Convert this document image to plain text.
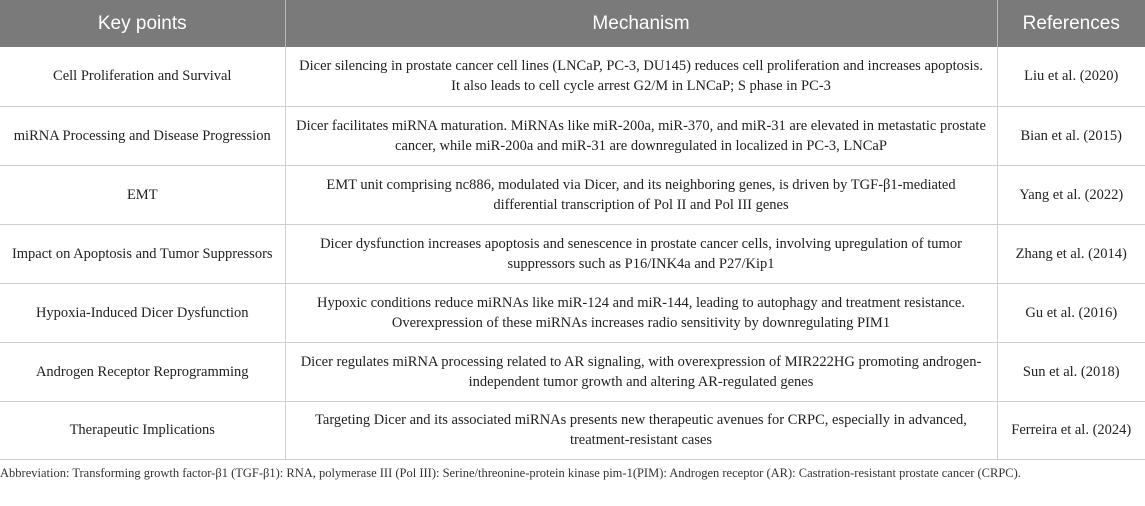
Key points	Mechanism	References
Cell Proliferation and Survival	Dicer silencing in prostate cancer cell lines (LNCaP, PC-3, DU145) reduces cell proliferation and increases apoptosis. It also leads to cell cycle arrest G2/M in LNCaP; S phase in PC-3	Liu et al. (2020)
miRNA Processing and Disease Progression	Dicer facilitates miRNA maturation. MiRNAs like miR-200a, miR-370, and miR-31 are elevated in metastatic prostate cancer, while miR-200a and miR-31 are downregulated in localized in PC-3, LNCaP	Bian et al. (2015)
EMT	EMT unit comprising nc886, modulated via Dicer, and its neighboring genes, is driven by TGF-β1-mediated differential transcription of Pol II and Pol III genes	Yang et al. (2022)
Impact on Apoptosis and Tumor Suppressors	Dicer dysfunction increases apoptosis and senescence in prostate cancer cells, involving upregulation of tumor suppressors such as P16/INK4a and P27/Kip1	Zhang et al. (2014)
Hypoxia-Induced Dicer Dysfunction	Hypoxic conditions reduce miRNAs like miR-124 and miR-144, leading to autophagy and treatment resistance. Overexpression of these miRNAs increases radio sensitivity by downregulating PIM1	Gu et al. (2016)
Androgen Receptor Reprogramming	Dicer regulates miRNA processing related to AR signaling, with overexpression of MIR222HG promoting androgen-independent tumor growth and altering AR-regulated genes	Sun et al. (2018)
Therapeutic Implications	Targeting Dicer and its associated miRNAs presents new therapeutic avenues for CRPC, especially in advanced, treatment-resistant cases	Ferreira et al. (2024)

Abbreviation: Transforming growth factor-β1 (TGF-β1): RNA, polymerase III (Pol III): Serine/threonine-protein kinase pim-1(PIM): Androgen receptor (AR): Castration-resistant prostate cancer (CRPC).
